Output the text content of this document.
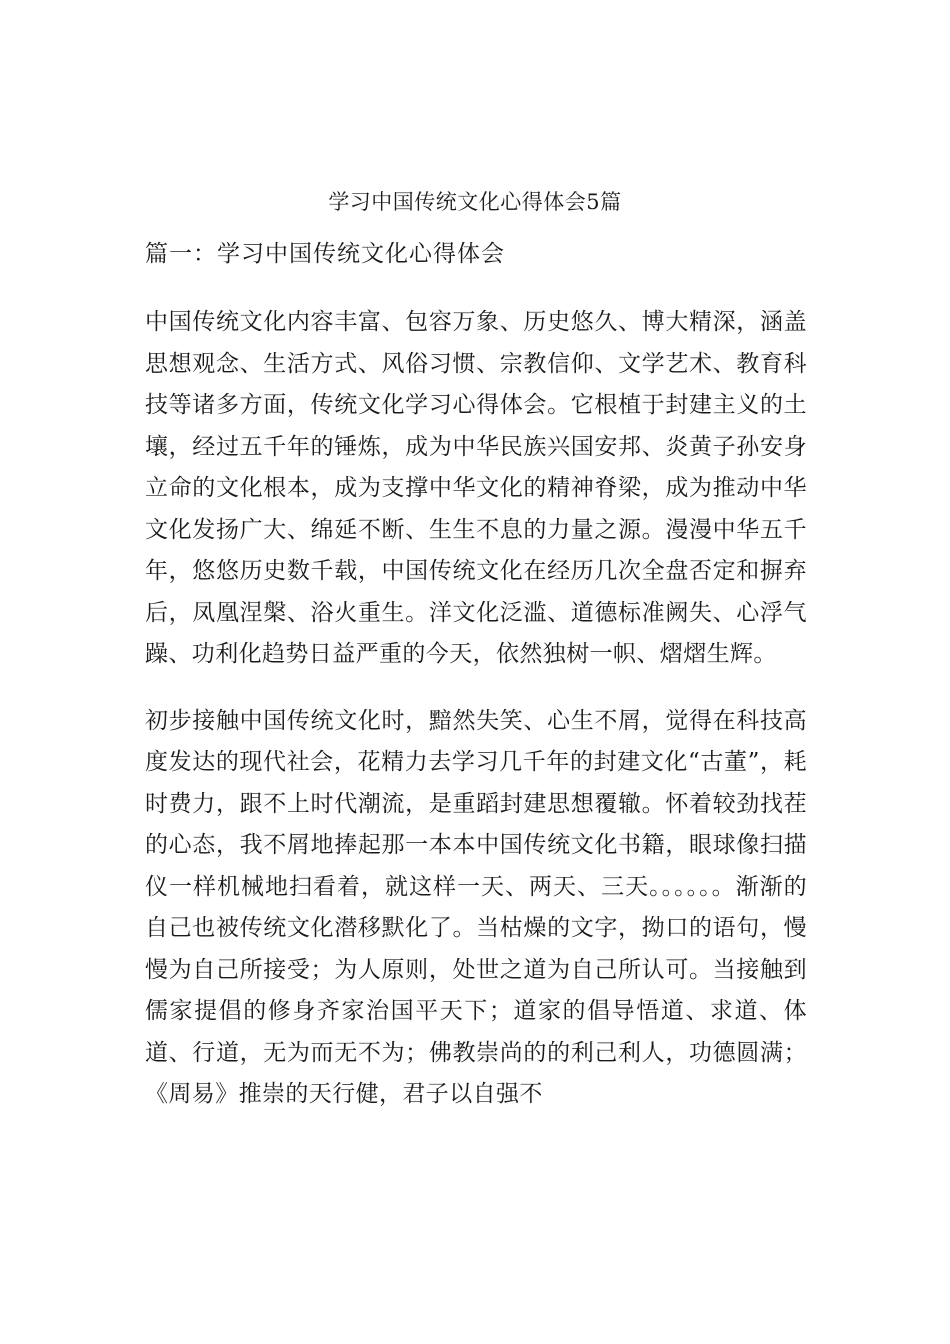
学习中国传统文化心得体会5篇
篇一：学习中国传统文化心得体会

中国传统文化内容丰富、包容万象、历史悠久、博大精深，涵盖思想观念、生活方式、风俗习惯、宗教信仰、文学艺术、教育科技等诸多方面，传统文化学习心得体会。它根植于封建主义的土壤，经过五千年的锤炼，成为中华民族兴国安邦、炎黄子孙安身立命的文化根本，成为支撑中华文化的精神脊梁，成为推动中华文化发扬广大、绵延不断、生生不息的力量之源。漫漫中华五千年，悠悠历史数千载，中国传统文化在经历几次全盘否定和摒弃后，凤凰涅槃、浴火重生。洋文化泛滥、道德标准阙失、心浮气躁、功利化趋势日益严重的今天，依然独树一帜、熠熠生辉。

初步接触中国传统文化时，黯然失笑、心生不屑，觉得在科技高度发达的现代社会，花精力去学习几千年的封建文化“古董”，耗时费力，跟不上时代潮流，是重蹈封建思想覆辙。怀着较劲找茬的心态，我不屑地捧起那一本本中国传统文化书籍，眼球像扫描仪一样机械地扫看着，就这样一天、两天、三天。。。。。。渐渐的自己也被传统文化潜移默化了。当枯燥的文字，拗口的语句，慢慢为自己所接受；为人原则，处世之道为自己所认可。当接触到儒家提倡的修身齐家治国平天下；道家的倡导悟道、求道、体道、行道，无为而无不为；佛教崇尚的的利己利人，功德圆满；《周易》推崇的天行健，君子以自强不
